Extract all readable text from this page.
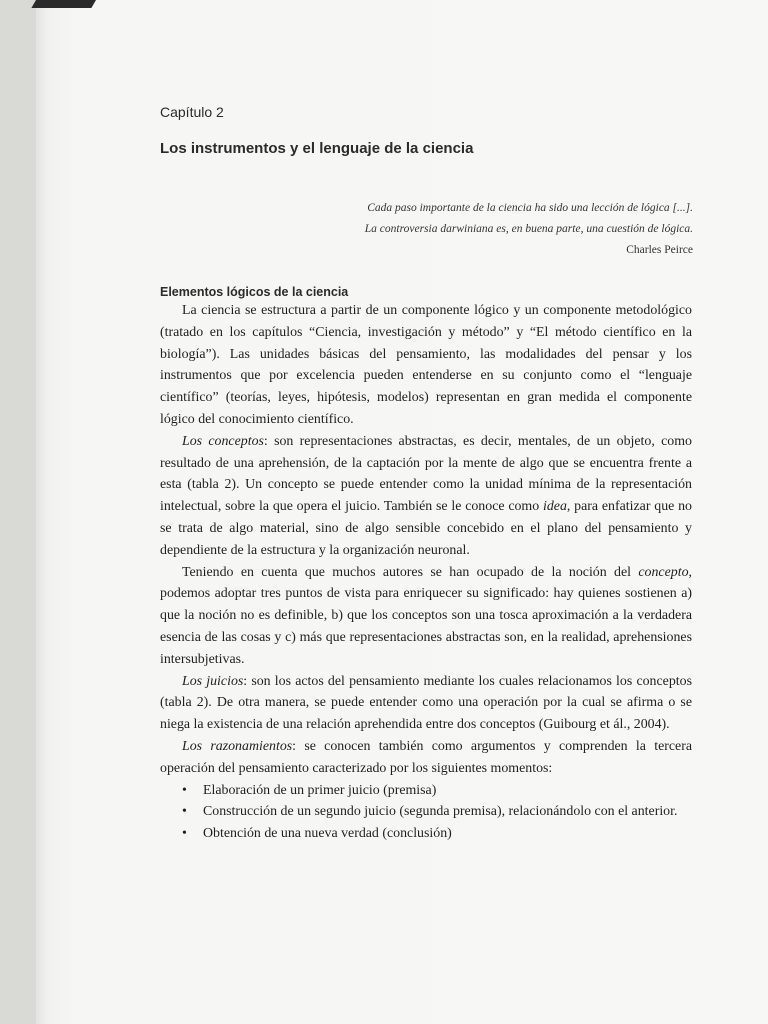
Capítulo 2
Los instrumentos y el lenguaje de la ciencia
Cada paso importante de la ciencia ha sido una lección de lógica [...].
La controversia darwiniana es, en buena parte, una cuestión de lógica.
Charles Peirce
Elementos lógicos de la ciencia

La ciencia se estructura a partir de un componente lógico y un componente metodológico (tratado en los capítulos “Ciencia, investigación y método” y “El método científico en la biología”). Las unidades básicas del pensamiento, las modalidades del pensar y los instrumentos que por excelencia pueden entenderse en su conjunto como el “lenguaje científico” (teorías, leyes, hipótesis, modelos) representan en gran medida el componente lógico del conocimiento científico.

Los conceptos: son representaciones abstractas, es decir, mentales, de un objeto, como resultado de una aprehensión, de la captación por la mente de algo que se encuentra frente a esta (tabla 2). Un concepto se puede entender como la unidad mínima de la representación intelectual, sobre la que opera el juicio. También se le conoce como idea, para enfatizar que no se trata de algo material, sino de algo sensible concebido en el plano del pensamiento y dependiente de la estructura y la organización neuronal.

Teniendo en cuenta que muchos autores se han ocupado de la noción del concepto, podemos adoptar tres puntos de vista para enriquecer su significado: hay quienes sostienen a) que la noción no es definible, b) que los conceptos son una tosca aproximación a la verdadera esencia de las cosas y c) más que representaciones abstractas son, en la realidad, aprehensiones intersubjetivas.

Los juicios: son los actos del pensamiento mediante los cuales relacionamos los conceptos (tabla 2). De otra manera, se puede entender como una operación por la cual se afirma o se niega la existencia de una relación aprehendida entre dos conceptos (Guibourg et ál., 2004).

Los razonamientos: se conocen también como argumentos y comprenden la tercera operación del pensamiento caracterizado por los siguientes momentos:

• Elaboración de un primer juicio (premisa)
• Construcción de un segundo juicio (segunda premisa), relacionándolo con el anterior.
• Obtención de una nueva verdad (conclusión)
